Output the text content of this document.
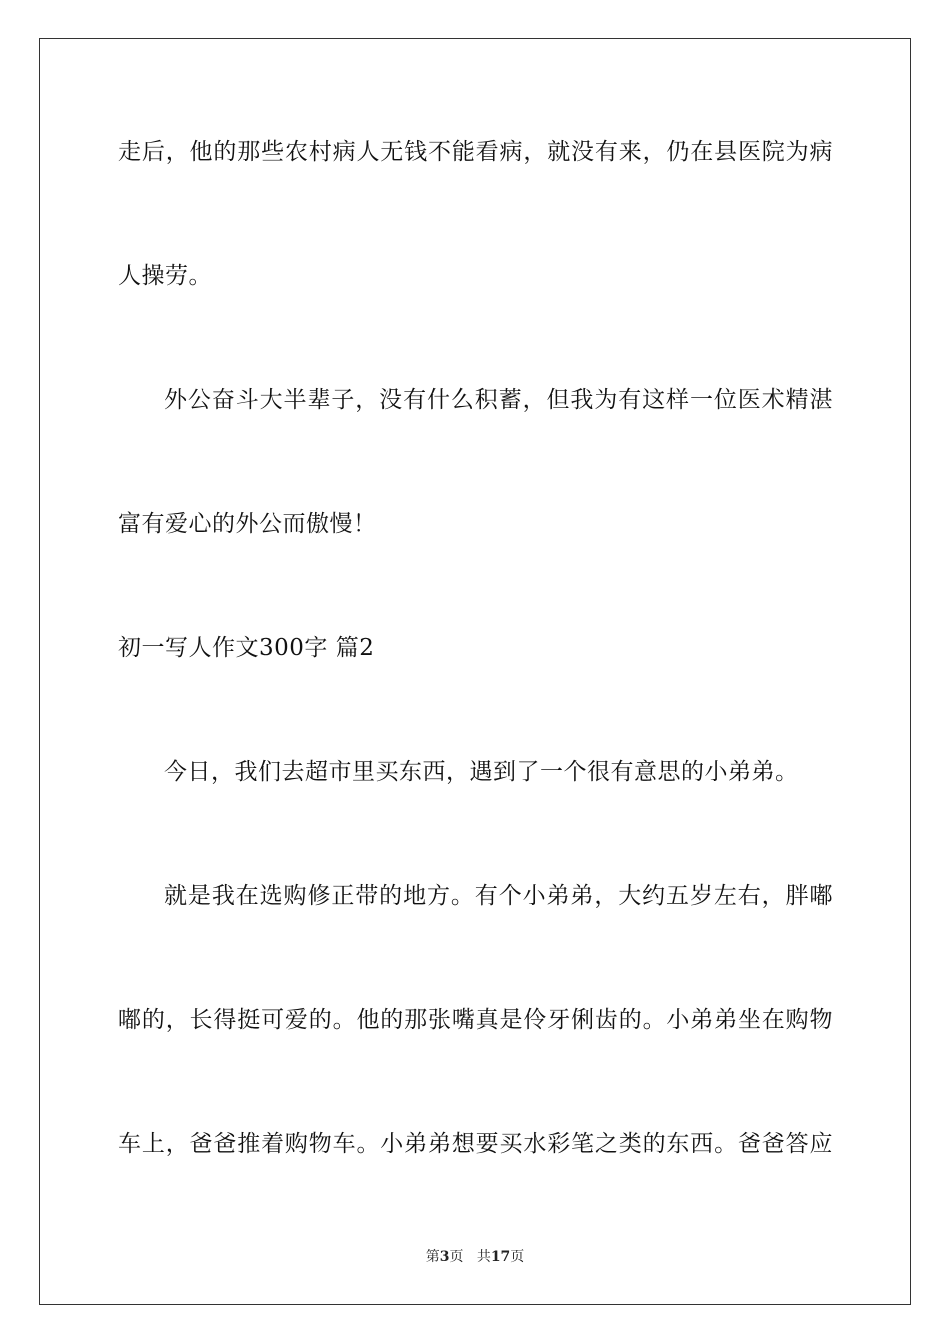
走后，他的那些农村病人无钱不能看病，就没有来，仍在县医院为病
人操劳。
外公奋斗大半辈子，没有什么积蓄，但我为有这样一位医术精湛
富有爱心的外公而傲慢！
初一写人作文300字 篇2
今日，我们去超市里买东西，遇到了一个很有意思的小弟弟。
就是我在选购修正带的地方。有个小弟弟，大约五岁左右，胖嘟
嘟的，长得挺可爱的。他的那张嘴真是伶牙俐齿的。小弟弟坐在购物
车上，爸爸推着购物车。小弟弟想要买水彩笔之类的东西。爸爸答应
第3页 共17页
